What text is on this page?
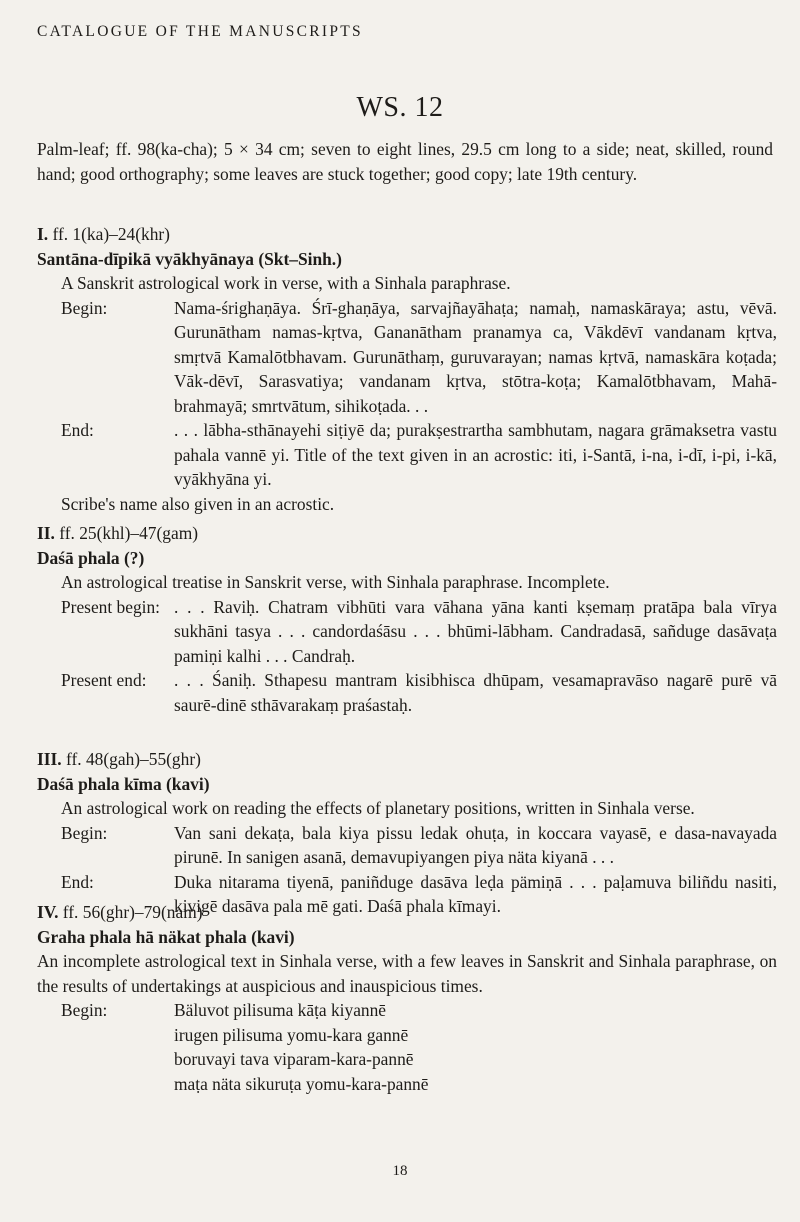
CATALOGUE OF THE MANUSCRIPTS
WS. 12
Palm-leaf; ff. 98(ka-cha); 5 × 34 cm; seven to eight lines, 29.5 cm long to a side; neat, skilled, round hand; good orthography; some leaves are stuck together; good copy; late 19th century.
I. ff. 1(ka)–24(khr)
Santāna-dīpikā vyākhyānaya (Skt–Sinh.)
A Sanskrit astrological work in verse, with a Sinhala paraphrase.
Begin:	Nama-śrighaṇāya. Śrī-ghaṇāya, sarvajñayāhaṭa; namaḥ, namaskāraya; astu, vēvā. Gurunātham namas-kṛtva, Gananātham pranamya ca, Vākdēvī vandanam kṛtva, smṛtvā Kamalōtbhavam. Gurunāthaṃ, guruvarayan; namas kṛtvā, namaskāra koṭada; Vāk-dēvī, Sarasvatiya; vandanam kṛtva, stōtra-koṭa; Kamalōtbhavam, Mahā-brahmayā; smrtvātum, sihikoṭada. . .
End:	. . . lābha-sthānayehi siṭiyē da; purakṣestrartha sambhutam, nagara grāmaksetra vastu pahala vannē yi. Title of the text given in an acrostic: iti, i-Santā, i-na, i-dī, i-pi, i-kā, vyākhyāna yi.
Scribe's name also given in an acrostic.
II. ff. 25(khl)–47(gam)
Daśā phala (?)
An astrological treatise in Sanskrit verse, with Sinhala paraphrase. Incomplete.
Present begin: . . . Raviḥ. Chatram vibhūti vara vāhana yāna kanti kṣemaṃ pratāpa bala vīrya sukhāni tasya . . . candordaśāsu . . . bhūmi-lābham. Candradasā, sañduge dasāvaṭa pamiṇi kalhi . . . Candraḥ.
Present end:	. . . Śaniḥ. Sthapesu mantram kisibhisca dhūpam, vesamapravāso nagarē purē vā saurē-dinē sthāvarakaṃ praśastaḥ.
III. ff. 48(gah)–55(ghr)
Daśā phala kīma (kavi)
An astrological work on reading the effects of planetary positions, written in Sinhala verse.
Begin:	Van sani dekaṭa, bala kiya pissu ledak ohuṭa, in koccara vayasē, e dasa-navayada pirunē. In sanigen asanā, demavupiyangen piya näta kiyanā . . .
End:	Duka nitarama tiyenā, paniñduge dasāva leḍa pämiṇā . . . paḷamuva biliñdu nasiti, kivigē dasāva pala mē gati. Daśā phala kīmayi.
IV. ff. 56(ghr)–79(nam)
Graha phala hā näkat phala (kavi)
An incomplete astrological text in Sinhala verse, with a few leaves in Sanskrit and Sinhala paraphrase, on the results of undertakings at auspicious and inauspicious times.
Begin:	Bäluvot pilisuma kāṭa kiyannē
irugen pilisuma yomu-kara gannē
boruvayi tava viparam-kara-pannē
maṭa näta sikuruṭa yomu-kara-pannē
18
